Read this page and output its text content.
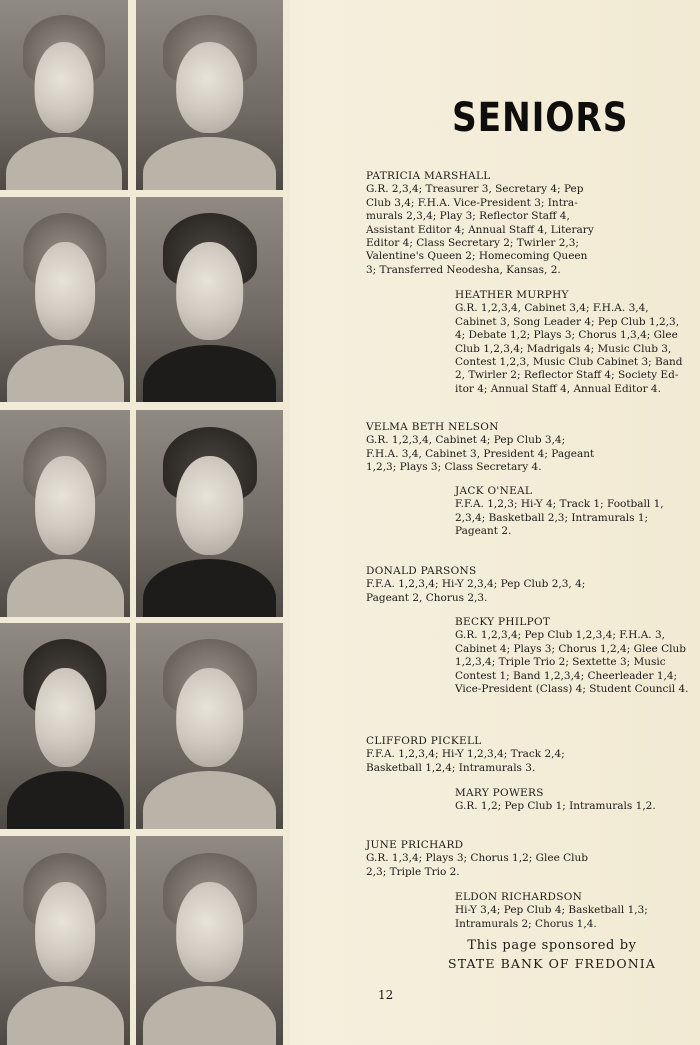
SENIORS
PATRICIA MARSHALL
G.R. 2,3,4; Treasurer 3, Secretary 4; Pep Club 3,4; F.H.A. Vice-President 3; Intra-murals 2,3,4; Play 3; Reflector Staff 4, Assistant Editor 4; Annual Staff 4, Literary Editor 4; Class Secretary 2; Twirler 2,3; Valentine's Queen 2; Homecoming Queen 3; Transferred Neodesha, Kansas, 2.
HEATHER MURPHY
G.R. 1,2,3,4, Cabinet 3,4; F.H.A. 3,4, Cabinet 3, Song Leader 4; Pep Club 1,2,3, 4; Debate 1,2; Plays 3; Chorus 1,3,4; Glee Club 1,2,3,4; Madrigals 4; Music Club 3, Contest 1,2,3, Music Club Cabinet 3; Band 2, Twirler 2; Reflector Staff 4; Society Ed-itor 4; Annual Staff 4, Annual Editor 4.
VELMA BETH NELSON
G.R. 1,2,3,4, Cabinet 4; Pep Club 3,4; F.H.A. 3,4, Cabinet 3, President 4; Pageant 1,2,3; Plays 3; Class Secretary 4.
JACK O'NEAL
F.F.A. 1,2,3; Hi-Y 4; Track 1; Football 1, 2,3,4; Basketball 2,3; Intramurals 1; Pageant 2.
DONALD PARSONS
F.F.A. 1,2,3,4; Hi-Y 2,3,4; Pep Club 2,3, 4; Pageant 2, Chorus 2,3.
BECKY PHILPOT
G.R. 1,2,3,4; Pep Club 1,2,3,4; F.H.A. 3, Cabinet 4; Plays 3; Chorus 1,2,4; Glee Club 1,2,3,4; Triple Trio 2; Sextette 3; Music Contest 1; Band 1,2,3,4; Cheerleader 1,4; Vice-President (Class) 4; Student Council 4.
CLIFFORD PICKELL
F.F.A. 1,2,3,4; Hi-Y 1,2,3,4; Track 2,4; Basketball 1,2,4; Intramurals 3.
MARY POWERS
G.R. 1,2; Pep Club 1; Intramurals 1,2.
JUNE PRICHARD
G.R. 1,3,4; Plays 3; Chorus 1,2; Glee Club 2,3; Triple Trio 2.
ELDON RICHARDSON
Hi-Y 3,4; Pep Club 4; Basketball 1,3; Intramurals 2; Chorus 1,4.
This page sponsored by
STATE BANK OF FREDONIA
12
